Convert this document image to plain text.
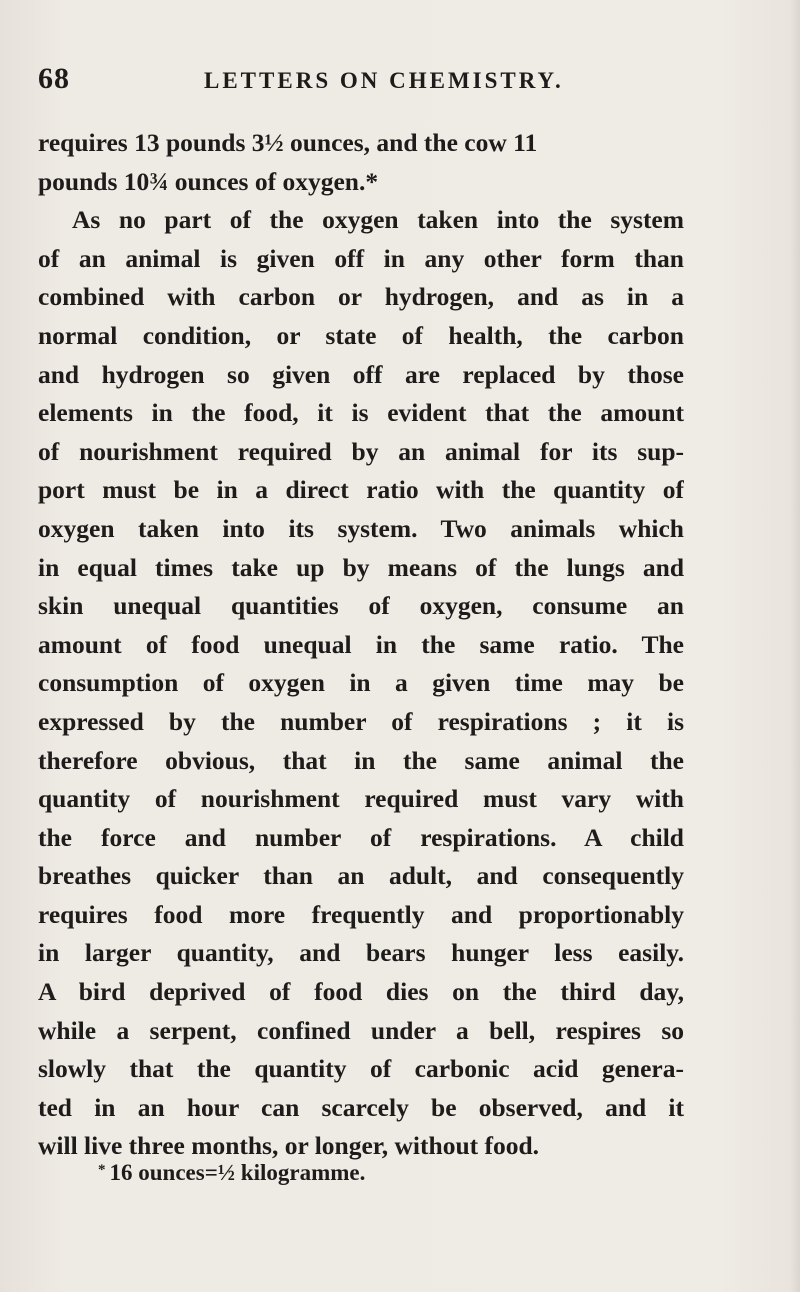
68	LETTERS ON CHEMISTRY.
requires 13 pounds 3½ ounces, and the cow 11
pounds 10¾ ounces of oxygen.*
As no part of the oxygen taken into the system
of an animal is given off in any other form than
combined with carbon or hydrogen, and as in a
normal condition, or state of health, the carbon
and hydrogen so given off are replaced by those
elements in the food, it is evident that the amount
of nourishment required by an animal for its sup-
port must be in a direct ratio with the quantity of
oxygen taken into its system. Two animals which
in equal times take up by means of the lungs and
skin unequal quantities of oxygen, consume an
amount of food unequal in the same ratio. The
consumption of oxygen in a given time may be
expressed by the number of respirations ; it is
therefore obvious, that in the same animal the
quantity of nourishment required must vary with
the force and number of respirations. A child
breathes quicker than an adult, and consequently
requires food more frequently and proportionably
in larger quantity, and bears hunger less easily.
A bird deprived of food dies on the third day,
while a serpent, confined under a bell, respires so
slowly that the quantity of carbonic acid genera-
ted in an hour can scarcely be observed, and it
will live three months, or longer, without food.
* 16 ounces=½ kilogramme.
